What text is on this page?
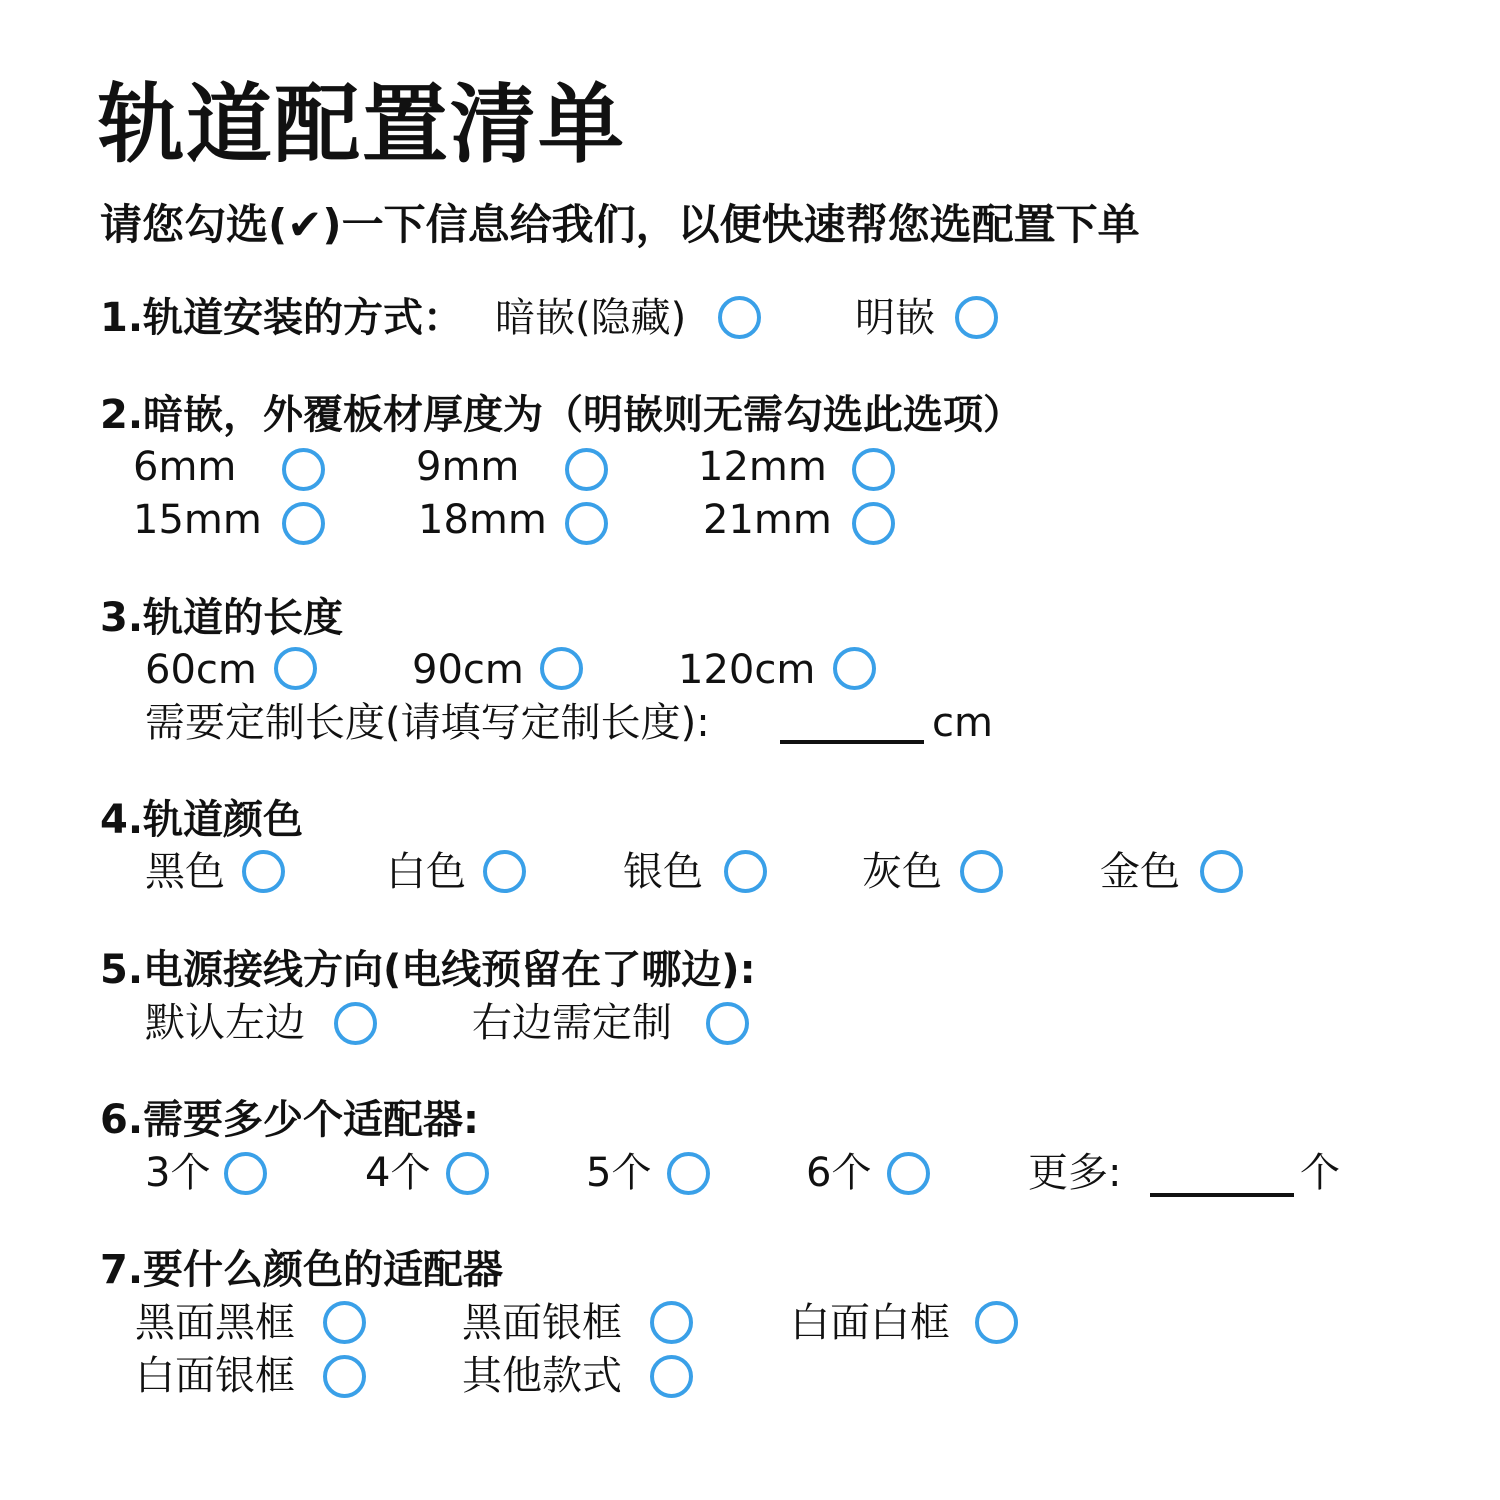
轨道配置清单
请您勾选(✔)一下信息给我们，以便快速帮您选配置下单
1.轨道安装的方式： 暗嵌(隐藏)	明嵌
2.暗嵌，外覆板材厚度为（明嵌则无需勾选此选项）
6mm	9mm	12mm
15mm	18mm	21mm
3.轨道的长度
60cm	90cm	120cm
需要定制长度(请填写定制长度):	cm
4.轨道颜色
黑色	白色	银色	灰色	金色
5.电源接线方向(电线预留在了哪边):
默认左边	右边需定制
6.需要多少个适配器:
3个	4个	5个	6个	更多:	个
7.要什么颜色的适配器
黑面黑框	黑面银框	白面白框
白面银框	其他款式
